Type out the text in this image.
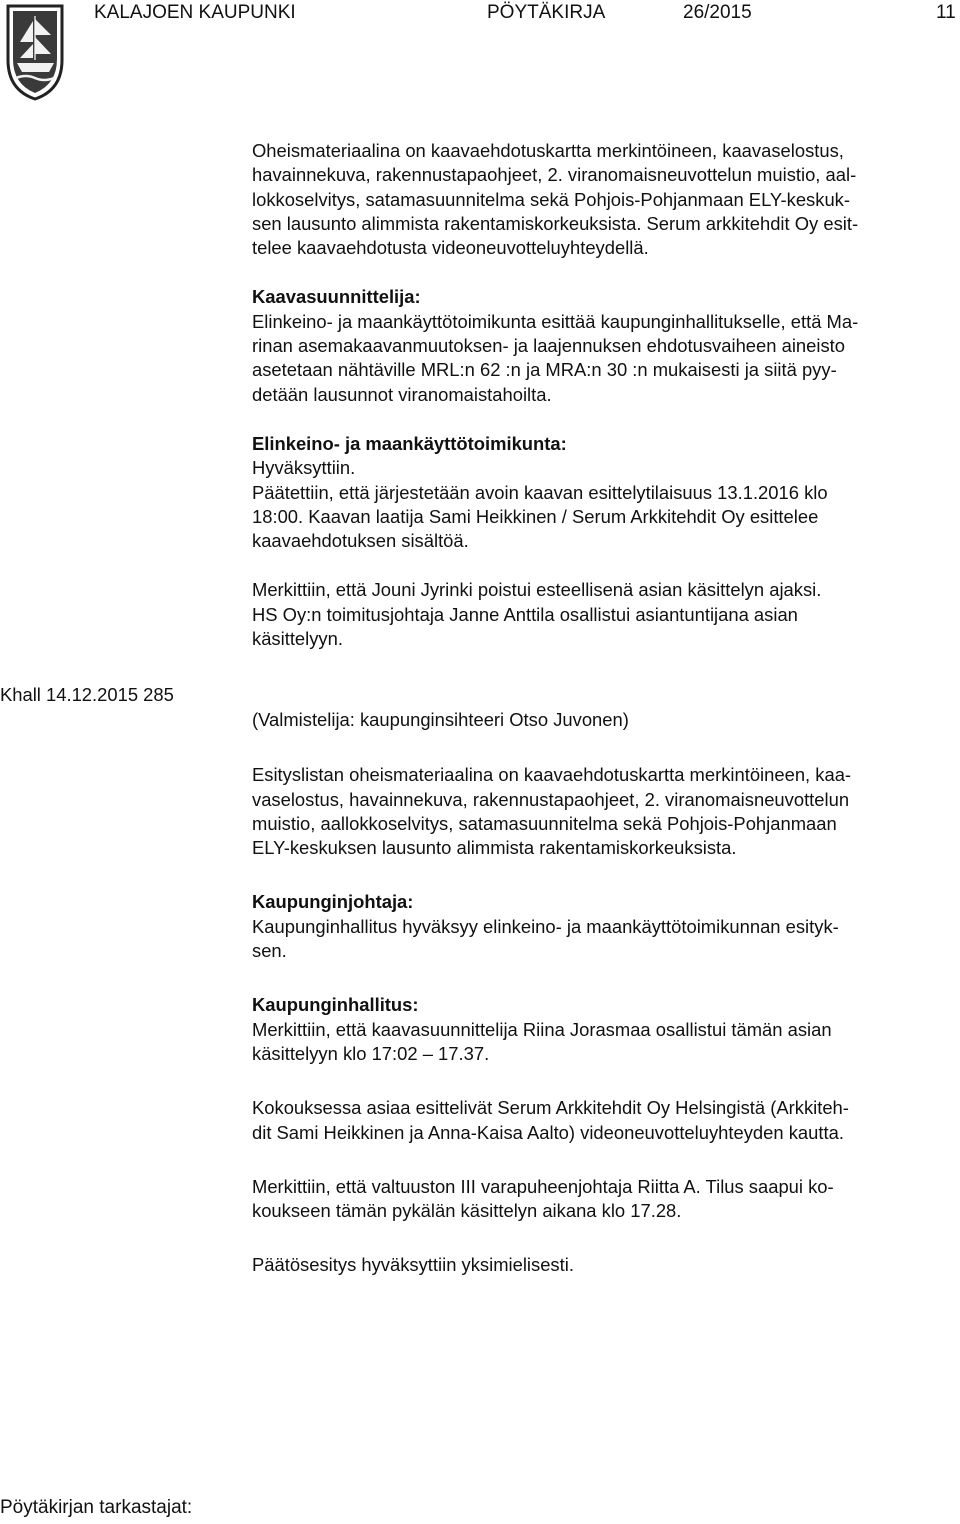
KALAJOEN KAUPUNKI	PÖYTÄKIRJA	26/2015	11

Oheismateriaalina on kaavaehdotuskartta merkintöineen, kaavaselostus,
havainnekuva, rakennustapaohjeet, 2. viranomaisneuvottelun muistio, aal-
lokkoselvitys, satamasuunnitelma sekä Pohjois-Pohjanmaan ELY-keskuk-
sen lausunto alimmista rakentamiskorkeuksista. Serum arkkitehdit Oy esit-
telee kaavaehdotusta videoneuvotteluyhteydellä.

Kaavasuunnittelija:
Elinkeino- ja maankäyttötoimikunta esittää kaupunginhallitukselle, että Ma-
rinan asemakaavanmuutoksen- ja laajennuksen ehdotusvaiheen aineisto
asetetaan nähtäville MRL:n 62 :n ja MRA:n 30 :n mukaisesti ja siitä pyy-
detään lausunnot viranomaistahoilta.

Elinkeino- ja maankäyttötoimikunta:
Hyväksyttiin.
Päätettiin, että järjestetään avoin kaavan esittelytilaisuus 13.1.2016 klo
18:00. Kaavan laatija Sami Heikkinen / Serum Arkkitehdit Oy esittelee
kaavaehdotuksen sisältöä.

Merkittiin, että Jouni Jyrinki poistui esteellisenä asian käsittelyn ajaksi.
HS Oy:n toimitusjohtaja Janne Anttila osallistui asiantuntijana asian
käsittelyyn.

Khall 14.12.2015 285

(Valmistelija: kaupunginsihteeri Otso Juvonen)

Esityslistan oheismateriaalina on kaavaehdotuskartta merkintöineen, kaa-
vaselostus, havainnekuva, rakennustapaohjeet, 2. viranomaisneuvottelun
muistio, aallokkoselvitys, satamasuunnitelma sekä Pohjois-Pohjanmaan
ELY-keskuksen lausunto alimmista rakentamiskorkeuksista.

Kaupunginjohtaja:
Kaupunginhallitus hyväksyy elinkeino- ja maankäyttötoimikunnan esityk-
sen.

Kaupunginhallitus:
Merkittiin, että kaavasuunnittelija Riina Jorasmaa osallistui tämän asian
käsittelyyn klo 17:02 – 17.37.

Kokouksessa asiaa esittelivät Serum Arkkitehdit Oy Helsingistä (Arkkiteh-
dit Sami Heikkinen ja Anna-Kaisa Aalto) videoneuvotteluyhteyden kautta.

Merkittiin, että valtuuston III varapuheenjohtaja Riitta A. Tilus saapui ko-
koukseen tämän pykälän käsittelyn aikana klo 17.28.

Päätösesitys hyväksyttiin yksimielisesti.

Pöytäkirjan tarkastajat:
